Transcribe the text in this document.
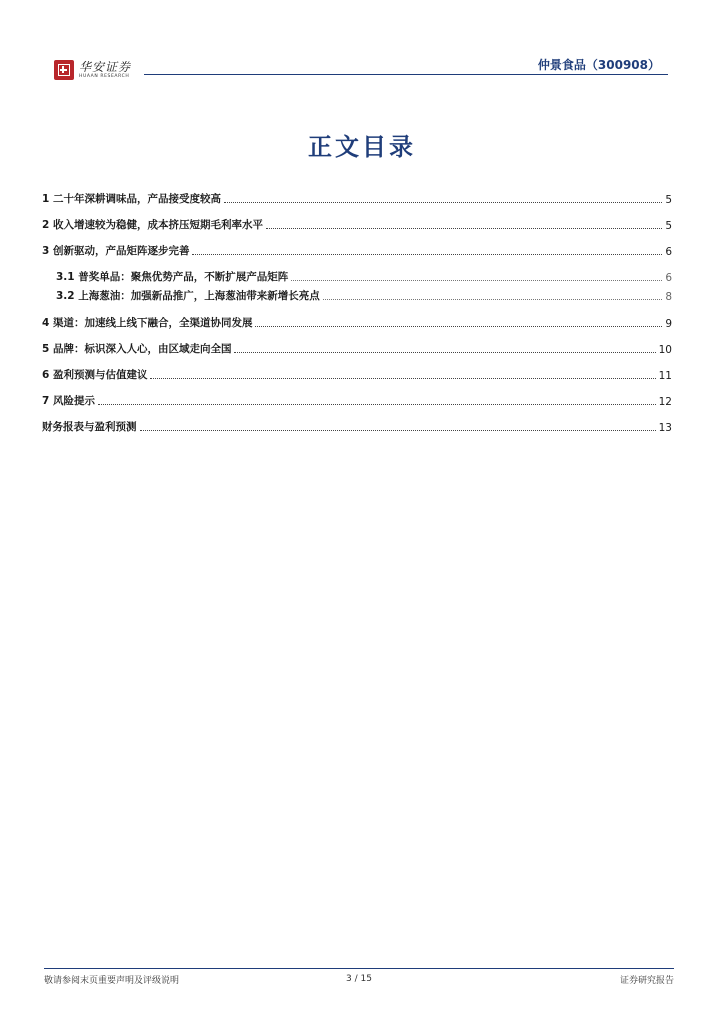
华安证券
HUAAN RESEARCH
仲景食品（300908）
正文目录
1 二十年深耕调味品，产品接受度较高	5
2 收入增速较为稳健，成本挤压短期毛利率水平	5
3 创新驱动，产品矩阵逐步完善	6
3.1 普奖单品：聚焦优势产品，不断扩展产品矩阵	6
3.2 上海葱油：加强新品推广，上海葱油带来新增长亮点	8
4 渠道：加速线上线下融合，全渠道协同发展	9
5 品牌：标识深入人心，由区域走向全国	10
6 盈利预测与估值建议	11
7 风险提示	12
财务报表与盈利预测	13
敬请参阅末页重要声明及评级说明	证券研究报告
3 / 15
